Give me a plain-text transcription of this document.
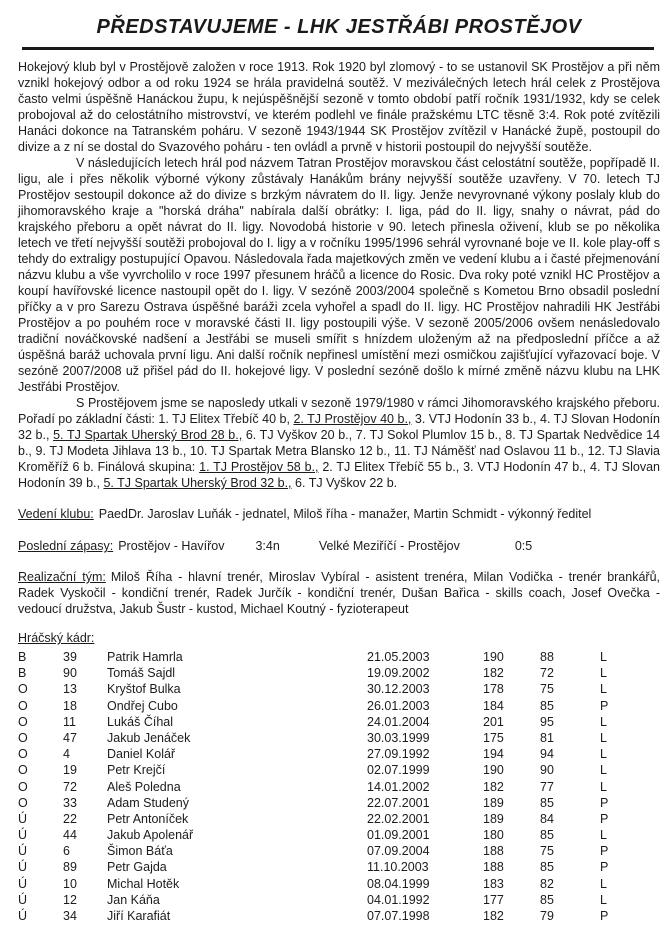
PŘEDSTAVUJEME - LHK JESTŘÁBI PROSTĚJOV

Hokejový klub byl v Prostějově založen v roce 1913. Rok 1920 byl zlomový - to se ustanovil SK Prostějov a při něm vznikl hokejový odbor a od roku 1924 se hrála pravidelná soutěž. V meziválečných letech hrál celek z Prostějova často velmi úspěšně Hanáckou župu, k nejúspěšnější sezoně v tomto období patří ročník 1931/1932, kdy se celek probojoval až do celostátního mistrovství, ve kterém podlehl ve finále pražskému LTC těsně 3:4. Rok poté zvítězili Hanáci dokonce na Tatranském poháru. V sezoně 1943/1944 SK Prostějov zvítězil v Hanácké župě, postoupil do divize a z ní se dostal do Svazového poháru - ten ovládl a prvně v historii postoupil do nejvyšší soutěže.

V následujících letech hrál pod názvem Tatran Prostějov moravskou část celostátní soutěže, popřípadě II. ligu, ale i přes několik výborné výkony zůstávaly Hanákům brány nejvyšší soutěže uzavřeny. V 70. letech TJ Prostějov sestoupil dokonce až do divize s brzkým návratem do II. ligy. Jenže nevyrovnané výkony poslaly klub do jihomoravského kraje a "horská dráha" nabírala další obrátky: I. liga, pád do II. ligy, snahy o návrat, pád do krajského přeboru a opět návrat do II. ligy. Novodobá historie v 90. letech přinesla oživení, klub se po několika letech ve třetí nejvyšší soutěži probojoval do I. ligy a v ročníku 1995/1996 sehrál vyrovnané boje ve II. kole play-off s tehdy do extraligy postupující Opavou. Následovala řada majetkových změn ve vedení klubu a i časté přejmenování názvu klubu a vše vyvrcholilo v roce 1997 přesunem hráčů a licence do Rosic. Dva roky poté vznikl HC Prostějov a koupí havířovské licence nastoupil opět do I. ligy. V sezóně 2003/2004 společně s Kometou Brno obsadil poslední příčky a v pro Sarezu Ostrava úspěšné baráži zcela vyhořel a spadl do II. ligy. HC Prostějov nahradili HK Jestřábi Prostějov a po pouhém roce v moravské části II. ligy postoupili výše. V sezoně 2005/2006 ovšem nenásledovalo tradiční nováčkovské nadšení a Jestřábi se museli smířit s hnízdem uloženým až na předposlední příčce a až úspěšná baráž uchovala první ligu. Ani další ročník nepřinesl umístění mezi osmičkou zajišťující vyřazovací boje. V sezóně 2007/2008 už přišel pád do II. hokejové ligy. V poslední sezóně došlo k mírné změně názvu klubu na LHK Jestřábi Prostějov.

S Prostějovem jsme se naposledy utkali v sezoně 1979/1980 v rámci Jihomoravského krajského přeboru. Pořadí po základní části: 1. TJ Elitex Třebíč 40 b, 2. TJ Prostějov 40 b., 3. VTJ Hodonín 33 b., 4. TJ Slovan Hodonín 32 b., 5. TJ Spartak Uherský Brod 28 b., 6. TJ Vyškov 20 b., 7. TJ Sokol Plumlov 15 b., 8. TJ Spartak Nedvědice 14 b., 9. TJ Modeta Jihlava 13 b., 10. TJ Spartak Metra Blansko 12 b., 11. TJ Náměšť nad Oslavou 11 b., 12. TJ Slavia Kroměříž 6 b. Finálová skupina: 1. TJ Prostějov 58 b., 2. TJ Elitex Třebíč 55 b., 3. VTJ Hodonín 47 b., 4. TJ Slovan Hodonín 39 b., 5. TJ Spartak Uherský Brod 32 b., 6. TJ Vyškov 22 b.

Vedení klubu: PaedDr. Jaroslav Luňák - jednatel, Miloš říha - manažer, Martin Schmidt - výkonný ředitel

Poslední zápasy: Prostějov - Havířov 3:4n	Velké Meziříčí - Prostějov	0:5

Realizační tým: Miloš Říha - hlavní trenér, Miroslav Vybíral - asistent trenéra, Milan Vodička - trenér brankářů, Radek Vyskočil - kondiční trenér, Radek Jurčík - kondiční trenér, Dušan Bařica - skills coach, Josef Ovečka - vedoucí družstva, Jakub Šustr - kustod, Michael Koutný - fyzioterapeut

Hráčský kádr:

B	39	Patrik Hamrla	21.05.2003	190	88	L
B	90	Tomáš Sajdl	19.09.2002	182	72	L
O	13	Kryštof Bulka	30.12.2003	178	75	L
O	18	Ondřej Cubo	26.01.2003	184	85	P
O	11	Lukáš Číhal	24.01.2004	201	95	L
O	47	Jakub Jenáček	30.03.1999	175	81	L
O	4	Daniel Kolář	27.09.1992	194	94	L
O	19	Petr Krejčí	02.07.1999	190	90	L
O	72	Aleš Poledna	14.01.2002	182	77	L
O	33	Adam Studený	22.07.2001	189	85	P
Ú	22	Petr Antoníček	22.02.2001	189	84	P
Ú	44	Jakub Apolenář	01.09.2001	180	85	L
Ú	6	Šimon Báťa	07.09.2004	188	75	P
Ú	89	Petr Gajda	11.10.2003	188	85	P
Ú	10	Michal Hotěk	08.04.1999	183	82	L
Ú	12	Jan Káňa	04.01.1992	177	85	L
Ú	34	Jiří Karafiát	07.07.1998	182	79	P
